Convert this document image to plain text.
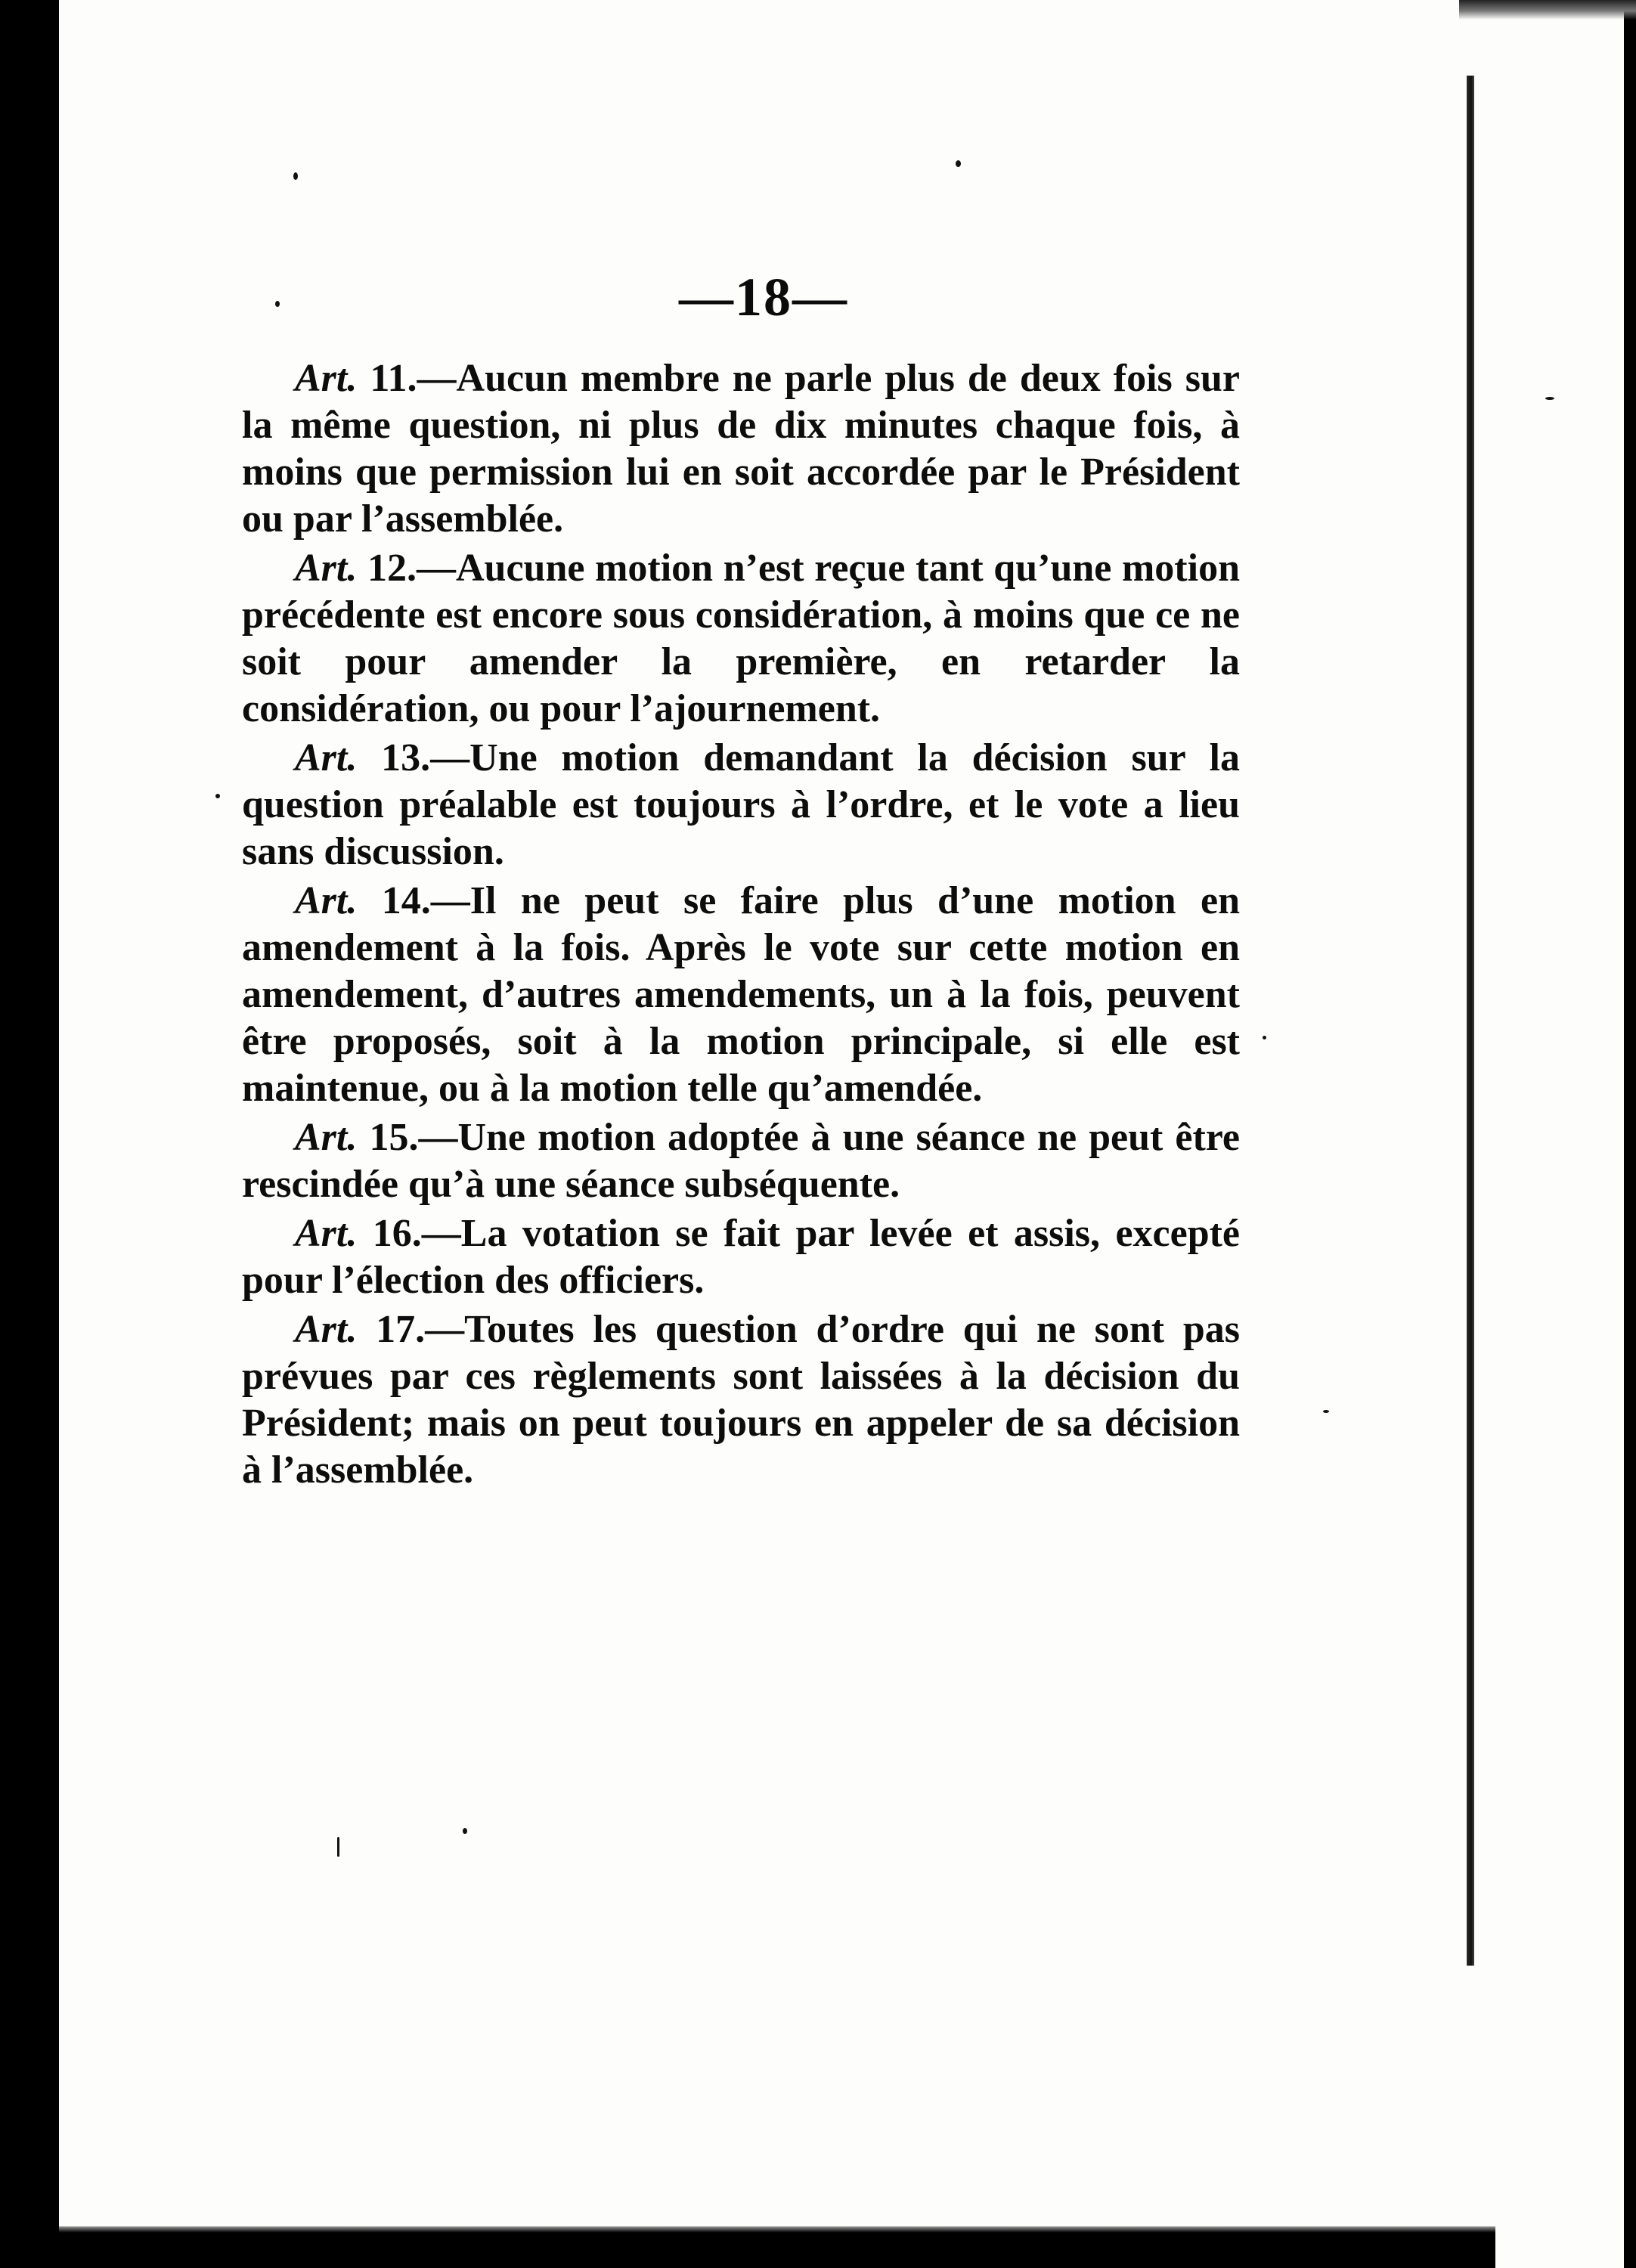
—18—

Art. 11.—Aucun membre ne parle plus de deux fois sur la même question, ni plus de dix minutes chaque fois, à moins que permission lui en soit accordée par le Président ou par l’assemblée.

Art. 12.—Aucune motion n’est reçue tant qu’une motion précédente est encore sous considération, à moins que ce ne soit pour amender la première, en retarder la considération, ou pour l’ajournement.

Art. 13.—Une motion demandant la décision sur la question préalable est toujours à l’ordre, et le vote a lieu sans discussion.

Art. 14.—Il ne peut se faire plus d’une motion en amendement à la fois. Après le vote sur cette motion en amendement, d’autres amendements, un à la fois, peuvent être proposés, soit à la motion principale, si elle est maintenue, ou à la motion telle qu’amendée.

Art. 15.—Une motion adoptée à une séance ne peut être rescindée qu’à une séance subséquente.

Art. 16.—La votation se fait par levée et assis, excepté pour l’élection des officiers.

Art. 17.—Toutes les question d’ordre qui ne sont pas prévues par ces règlements sont laissées à la décision du Président; mais on peut toujours en appeler de sa décision à l’assemblée.
